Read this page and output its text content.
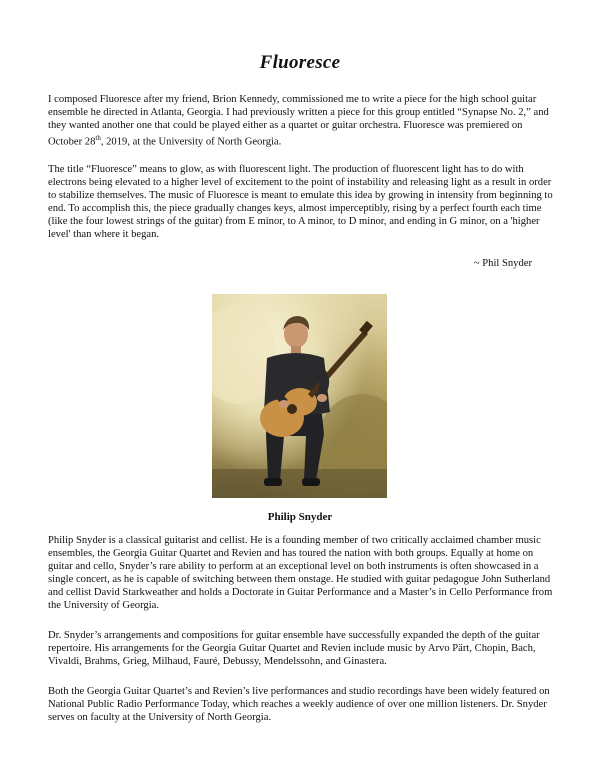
Fluoresce

I composed Fluoresce after my friend, Brion Kennedy, commissioned me to write a piece for the high school guitar ensemble he directed in Atlanta, Georgia. I had previously written a piece for this group entitled “Synapse No. 2,” and they wanted another one that could be played either as a quartet or guitar orchestra. Fluoresce was premiered on October 28th, 2019, at the University of North Georgia.

The title “Fluoresce” means to glow, as with fluorescent light. The production of fluorescent light has to do with electrons being elevated to a higher level of excitement to the point of instability and releasing light as a result in order to stabilize themselves. The music of Fluoresce is meant to emulate this idea by growing in intensity from beginning to end. To accomplish this, the piece gradually changes keys, almost imperceptibly, rising by a perfect fourth each time (like the four lowest strings of the guitar) from E minor, to A minor, to D minor, and ending in G minor, on a 'higher level' than where it began.

~ Phil Snyder
Philip Snyder

Philip Snyder is a classical guitarist and cellist. He is a founding member of two critically acclaimed chamber music ensembles, the Georgia Guitar Quartet and Revien and has toured the nation with both groups. Equally at home on guitar and cello, Snyder’s rare ability to perform at an exceptional level on both instruments is often showcased in a single concert, as he is capable of switching between them onstage. He studied with guitar pedagogue John Sutherland and cellist David Starkweather and holds a Doctorate in Guitar Performance and a Master’s in Cello Performance from the University of Georgia.

Dr. Snyder’s arrangements and compositions for guitar ensemble have successfully expanded the depth of the guitar repertoire. His arrangements for the Georgia Guitar Quartet and Revien include music by Arvo Pärt, Chopin, Bach, Vivaldi, Brahms, Grieg, Milhaud, Fauré, Debussy, Mendelssohn, and Ginastera.

Both the Georgia Guitar Quartet’s and Revien’s live performances and studio recordings have been widely featured on National Public Radio Performance Today, which reaches a weekly audience of over one million listeners. Dr. Snyder serves on faculty at the University of North Georgia.
